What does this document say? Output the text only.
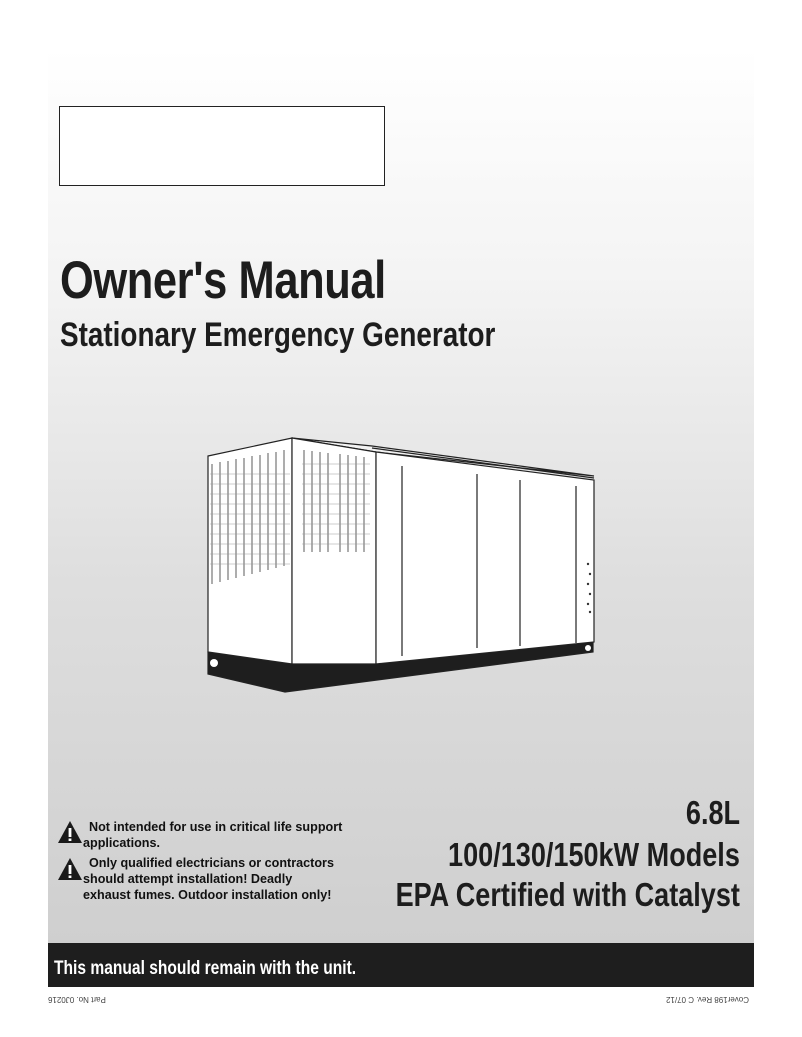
Owner's Manual
Stationary Emergency Generator

6.8L

100/130/150kW Models

EPA Certified with Catalyst

Not intended for use in critical life support
applications.

Only qualified electricians or contractors
should attempt installation! Deadly
exhaust fumes. Outdoor installation only!

This manual should remain with the unit.

Part No. 0J0216	Cover198 Rev. C 07/12
